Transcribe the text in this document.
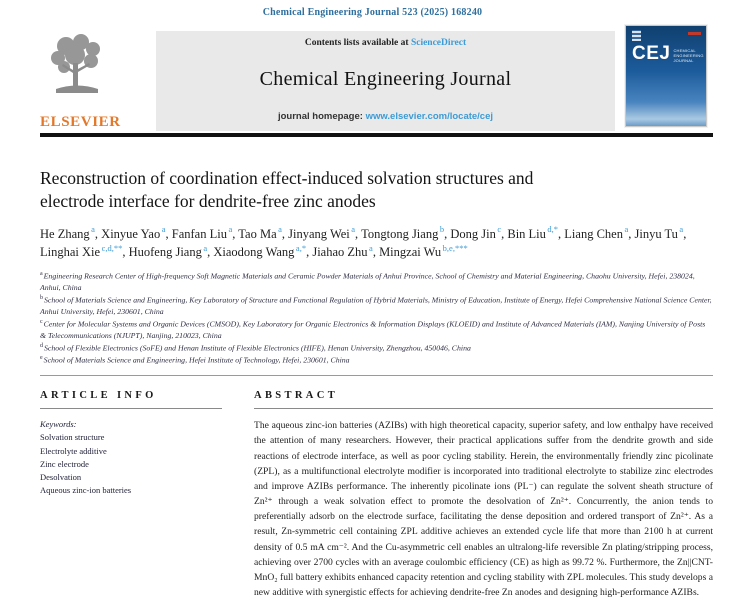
Chemical Engineering Journal 523 (2025) 168240
ELSEVIER
Contents lists available at ScienceDirect
Chemical Engineering Journal
journal homepage: www.elsevier.com/locate/cej
CEJ CHEMICAL ENGINEERING JOURNAL
Reconstruction of coordination effect-induced solvation structures and
electrode interface for dendrite-free zinc anodes
He Zhang $^a$ , Xinyue Yao $^a$ , Fanfan Liu $^a$ , Tao Ma $^a$ , Jinyang Wei $^a$ , Tongtong Jiang $^b$ , Dong Jin $^c$ , Bin Liu $^{d,*}$ , Liang Chen $^a$ , Jinyu Tu $^a$ , Linghai Xie $^{c,d,**}$ , Huofeng Jiang $^a$ , Xiaodong Wang $^{a,*}$ , Jiahao Zhu $^a$ , Mingzai Wu $^{b,e,***}$
$^a$Engineering Research Center of High-frequency Soft Magnetic Materials and Ceramic Powder Materials of Anhui Province, School of Chemistry and Material Engineering, Chaohu University, Hefei, 238024, Anhui, China
$^b$School of Materials Science and Engineering, Key Laboratory of Structure and Functional Regulation of Hybrid Materials, Ministry of Education, Institute of Energy, Hefei Comprehensive National Science Center, Anhui University, Hefei, 230601, China
$^c$Center for Molecular Systems and Organic Devices (CMSOD), Key Laboratory for Organic Electronics & Information Displays (KLOEID) and Institute of Advanced Materials (IAM), Nanjing University of Posts & Telecommunications (NJUPT), Nanjing, 210023, China
$^d$School of Flexible Electronics (SoFE) and Henan Institute of Flexible Electronics (HIFE), Henan University, Zhengzhou, 450046, China
$^e$School of Materials Science and Engineering, Hefei Institute of Technology, Hefei, 230601, China
ARTICLE INFO
Keywords:
Solvation structure
Electrolyte additive
Zinc electrode
Desolvation
Aqueous zinc-ion batteries
ABSTRACT

The aqueous zinc-ion batteries (AZIBs) with high theoretical capacity, superior safety, and low enthalpy have received the attention of many researchers. However, their practical applications suffer from the dendrite growth and side reactions of electrode interface, as well as poor cycling stability. Herein, the environmentally friendly zinc picolinate (ZPL), as a multifunctional electrolyte modifier is incorporated into traditional electrolyte to stabilize zinc electrodes and improve AZIBs performance. The inherently picolinate ions (PL⁻) can regulate the solvent sheath structure of Zn²⁺ through a weak solvation effect to promote the desolvation of Zn²⁺. Concurrently, the anion tends to preferentially adsorb on the electrode surface, facilitating the dense deposition and ordered transport of Zn²⁺. As a result, Zn-symmetric cell containing ZPL additive achieves an extended cycle life that more than 2100 h at current density of 0.5 mA cm⁻². And the Cu-asymmetric cell enables an ultralong-life reversible Zn plating/stripping process, achieving over 2700 cycles with an average coulombic efficiency (CE) as high as 99.72 %. Furthermore, the Zn||CNT-MnO₂ full battery exhibits enhanced capacity retention and cycling stability with ZPL molecules. This study develops a new additive with synergistic effects for achieving dendrite-free Zn anodes and designing high-performance AZIBs.
